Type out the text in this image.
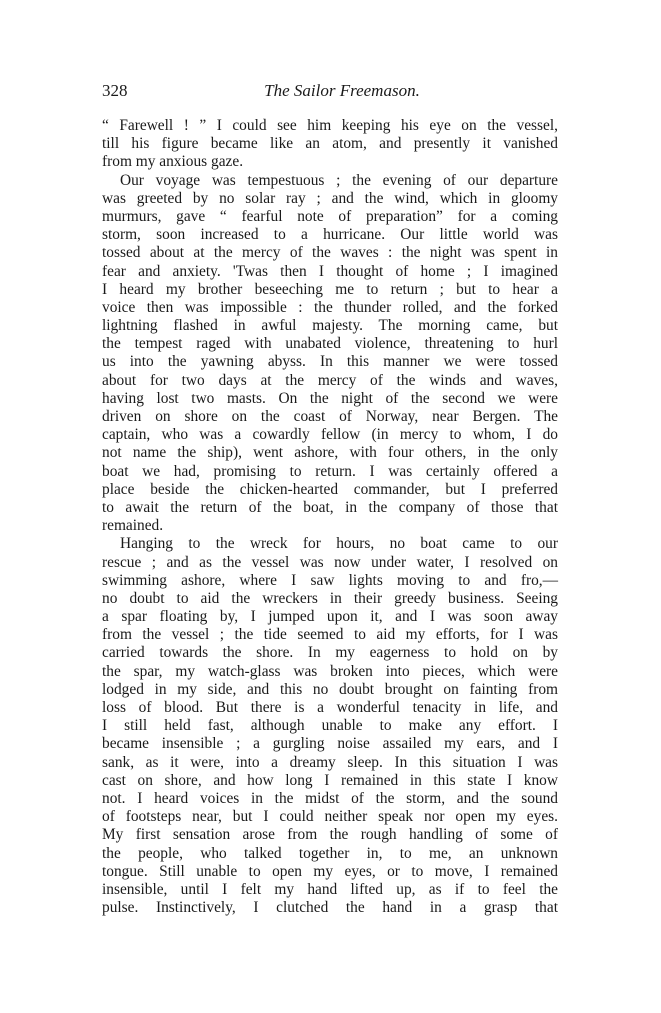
328	The Sailor Freemason.
“ Farewell ! ” I could see him keeping his eye on the vessel,
till his figure became like an atom, and presently it vanished
from my anxious gaze.
Our voyage was tempestuous ; the evening of our departure
was greeted by no solar ray ; and the wind, which in gloomy
murmurs, gave “ fearful note of preparation” for a coming
storm, soon increased to a hurricane. Our little world was
tossed about at the mercy of the waves : the night was spent in
fear and anxiety. 'Twas then I thought of home ; I imagined
I heard my brother beseeching me to return ; but to hear a
voice then was impossible : the thunder rolled, and the forked
lightning flashed in awful majesty. The morning came, but
the tempest raged with unabated violence, threatening to hurl
us into the yawning abyss. In this manner we were tossed
about for two days at the mercy of the winds and waves,
having lost two masts. On the night of the second we were
driven on shore on the coast of Norway, near Bergen. The
captain, who was a cowardly fellow (in mercy to whom, I do
not name the ship), went ashore, with four others, in the only
boat we had, promising to return. I was certainly offered a
place beside the chicken-hearted commander, but I preferred
to await the return of the boat, in the company of those that
remained.
Hanging to the wreck for hours, no boat came to our
rescue ; and as the vessel was now under water, I resolved on
swimming ashore, where I saw lights moving to and fro,—
no doubt to aid the wreckers in their greedy business. Seeing
a spar floating by, I jumped upon it, and I was soon away
from the vessel ; the tide seemed to aid my efforts, for I was
carried towards the shore. In my eagerness to hold on by
the spar, my watch-glass was broken into pieces, which were
lodged in my side, and this no doubt brought on fainting from
loss of blood. But there is a wonderful tenacity in life, and
I still held fast, although unable to make any effort. I
became insensible ; a gurgling noise assailed my ears, and I
sank, as it were, into a dreamy sleep. In this situation I was
cast on shore, and how long I remained in this state I know
not. I heard voices in the midst of the storm, and the sound
of footsteps near, but I could neither speak nor open my eyes.
My first sensation arose from the rough handling of some of
the people, who talked together in, to me, an unknown
tongue. Still unable to open my eyes, or to move, I remained
insensible, until I felt my hand lifted up, as if to feel the
pulse. Instinctively, I clutched the hand in a grasp that
